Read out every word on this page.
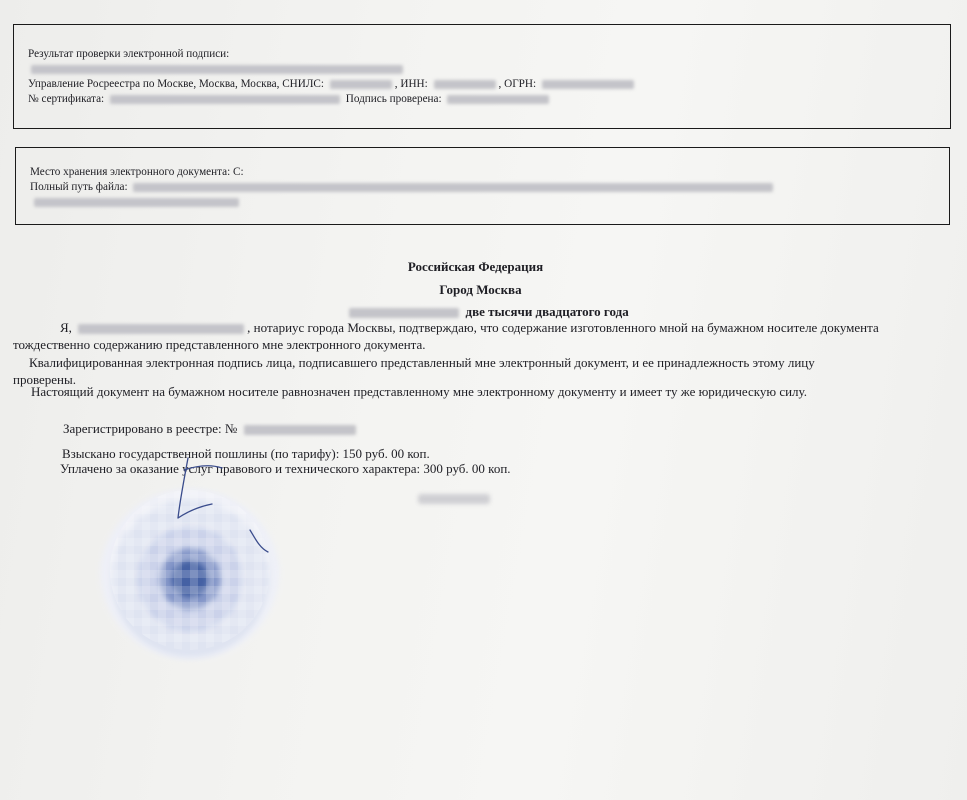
Результат проверки электронной подписи:
Управление Росреестра по Москве, Москва, Москва, СНИЛС:	, ИНН:	, ОГРН:
№ сертификата:	Подпись проверена:
Место хранения электронного документа: С:
Полный путь файла:
Российская Федерация
Город Москва
две тысячи двадцатого года
Я,	, нотариус города Москвы, подтверждаю, что содержание изготовленного мной на бумажном носителе документа
тождественно содержанию представленного мне электронного документа.
Квалифицированная электронная подпись лица, подписавшего представленный мне электронный документ, и ее принадлежность этому лицу
проверены.
Настоящий документ на бумажном носителе равнозначен представленному мне электронному документу и имеет ту же юридическую силу.
Зарегистрировано в реестре: №
Взыскано государственной пошлины (по тарифу): 150 руб. 00 коп.
Уплачено за оказание услуг правового и технического характера: 300 руб. 00 коп.
